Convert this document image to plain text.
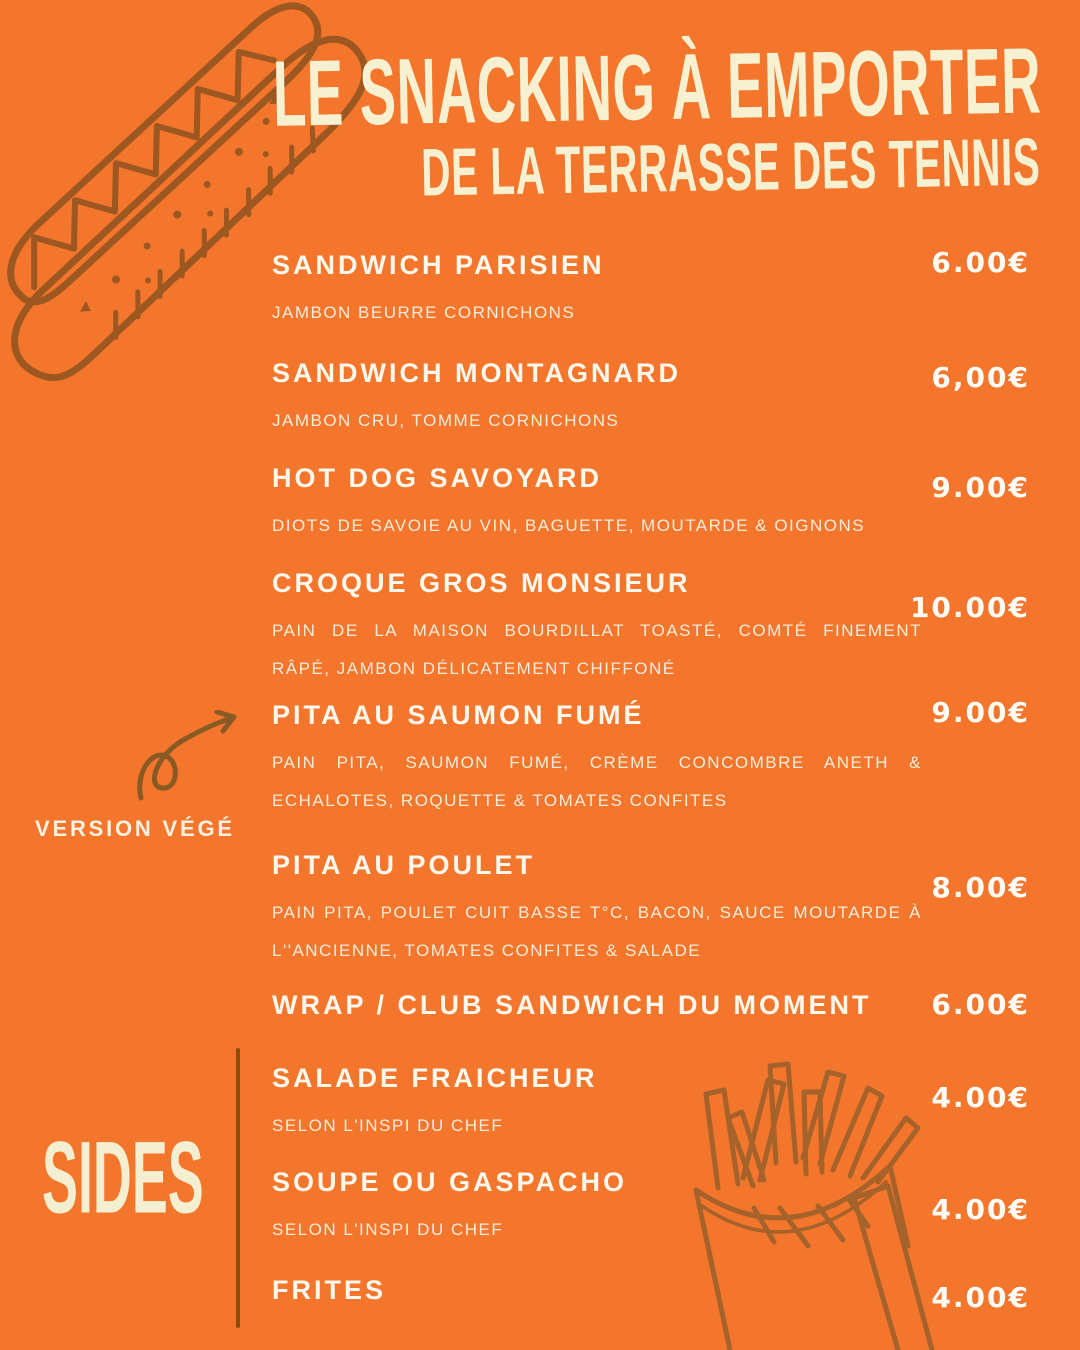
LE SNACKING À EMPORTER
DE LA TERRASSE DES TENNIS
SANDWICH PARISIEN
JAMBON BEURRE CORNICHONS
6.00€
SANDWICH MONTAGNARD
JAMBON CRU, TOMME CORNICHONS
6,00€
HOT DOG SAVOYARD
DIOTS DE SAVOIE AU VIN, BAGUETTE, MOUTARDE & OIGNONS
9.00€
CROQUE GROS MONSIEUR
PAIN DE LA MAISON BOURDILLAT TOASTÉ, COMTÉ FINEMENT
RÂPÉ, JAMBON DÉLICATEMENT CHIFFONÉ
10.00€
PITA AU SAUMON FUMÉ
PAIN PITA, SAUMON FUMÉ, CRÈME CONCOMBRE ANETH &
ECHALOTES, ROQUETTE & TOMATES CONFITES
9.00€
PITA AU POULET
PAIN PITA, POULET CUIT BASSE T°C, BACON, SAUCE MOUTARDE À
L''ANCIENNE, TOMATES CONFITES & SALADE
8.00€
WRAP / CLUB SANDWICH DU MOMENT	6.00€
SALADE FRAICHEUR
SELON L'INSPI DU CHEF
4.00€
SOUPE OU GASPACHO
SELON L'INSPI DU CHEF
4.00€
FRITES	4.00€
VERSION VÉGÉ
SIDES
